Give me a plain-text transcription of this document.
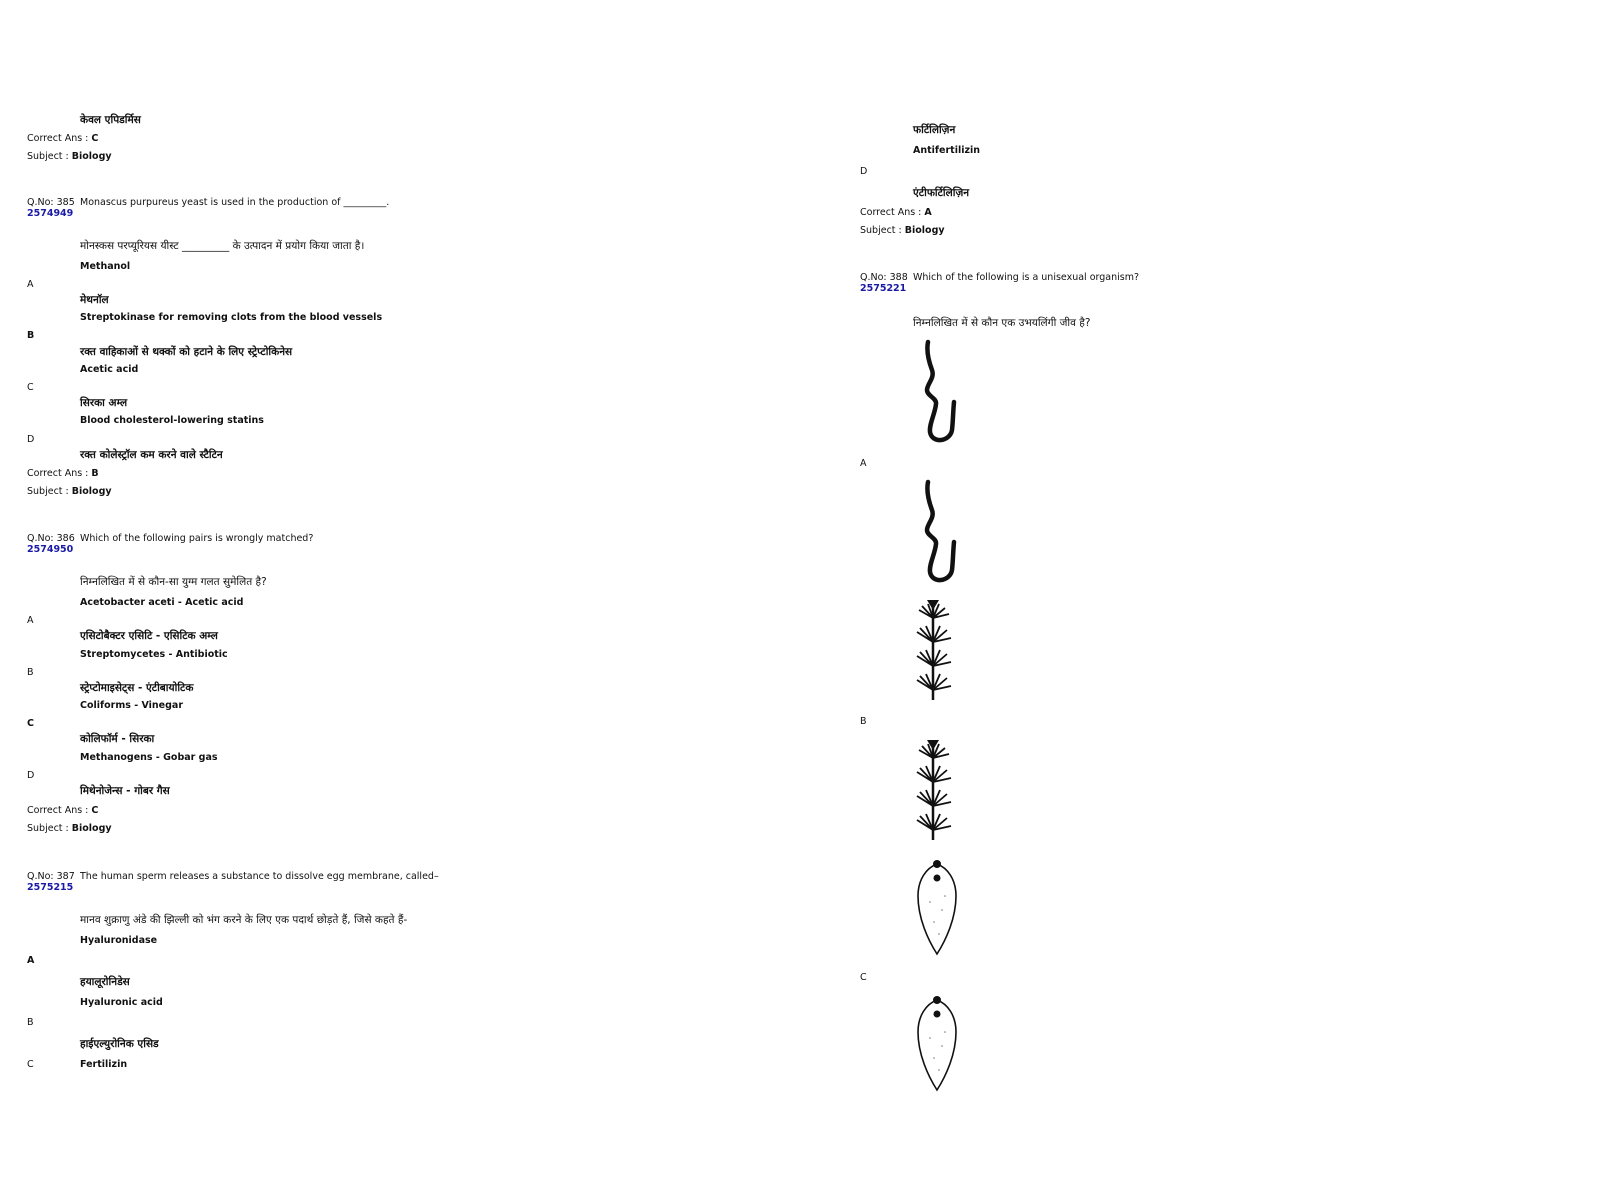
केवल एपिडर्मिस
Correct Ans : C
Subject : Biology
Q.No: 385
2574949
Monascus purpureus yeast is used in the production of _________.
मोनस्कस परप्यूरियस यीस्ट _________ के उत्पादन में प्रयोग किया जाता है।
Methanol
A
मेथनॉल
Streptokinase for removing clots from the blood vessels
B
रक्त वाहिकाओं से थक्कों को हटाने के लिए स्ट्रेप्टोकिनेस
Acetic acid
C
सिरका अम्ल
Blood cholesterol-lowering statins
D
रक्त कोलेस्ट्रॉल कम करने वाले स्टैटिन
Correct Ans : B
Subject : Biology
Q.No: 386
2574950
Which of the following pairs is wrongly matched?
निम्नलिखित में से कौन-सा युग्म गलत सुमेलित है?
Acetobacter aceti - Acetic acid
A
एसिटोबैक्टर एसिटि - एसिटिक अम्ल
Streptomycetes - Antibiotic
B
स्ट्रेप्टोमाइसेट्स - एंटीबायोटिक
Coliforms - Vinegar
C
कोलिफॉर्म - सिरका
Methanogens - Gobar gas
D
मिथेनोजेन्स - गोबर गैस
Correct Ans : C
Subject : Biology
Q.No: 387
2575215
The human sperm releases a substance to dissolve egg membrane, called–
मानव शुक्राणु अंडे की झिल्ली को भंग करने के लिए एक पदार्थ छोड़ते हैं, जिसे कहते हैं-
Hyaluronidase
A
हयालूरोनिडेस
Hyaluronic acid
B
हाईएल्युरोनिक एसिड
C	Fertilizin
फर्टिलिज़िन
Antifertilizin
D
एंटीफर्टिलिज़िन
Correct Ans : A
Subject : Biology
Q.No: 388
2575221
Which of the following is a unisexual organism?
निम्नलिखित में से कौन एक उभयलिंगी जीव है?
A
B
C
